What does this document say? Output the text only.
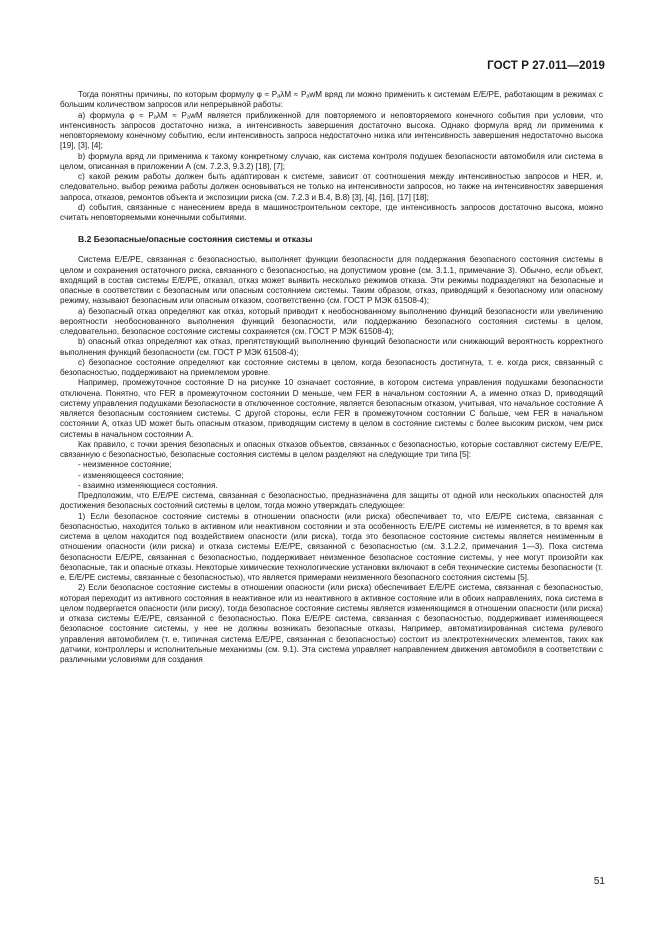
ГОСТ Р 27.011—2019

Тогда понятны причины, по которым формулу φ ≈ PₐλM ≈ PₐwM вряд ли можно применить к системам Е/Е/РЕ, работающим в режимах с большим количеством запросов или непрерывной работы:

а) формула φ ≈ PₐλM ≈ PₐwM является приближенной для повторяемого и неповторяемого конечного события при условии, что интенсивность запросов достаточно низка, а интенсивность завершения достаточно высока. Однако формула вряд ли применима к неповторяемому конечному событию, если интенсивность запроса недостаточно низка или интенсивность завершения недостаточно высока [19], [3], [4];

b) формула вряд ли применима к такому конкретному случаю, как система контроля подушек безопасности автомобиля или система в целом, описанная в приложении А (см. 7.2.3, 9.3.2) [18], [7];

с) какой режим работы должен быть адаптирован к системе, зависит от соотношения между интенсивностью запросов и HER, и, следовательно, выбор режима работы должен основываться не только на интенсивности запросов, но также на интенсивностях завершения запроса, отказов, ремонтов объекта и экспозиции риска (см. 7.2.3 и В.4, В.8) [3], [4], [16], [17] [18];

d) события, связанные с нанесением вреда в машиностроительном секторе, где интенсивность запросов достаточно высока, можно считать неповторяемыми конечными событиями.

В.2 Безопасные/опасные состояния системы и отказы

Система Е/Е/РЕ, связанная с безопасностью, выполняет функции безопасности для поддержания безопасного состояния системы в целом и сохранения остаточного риска, связанного с безопасностью, на допустимом уровне (см. 3.1.1, примечание 3). Обычно, если объект, входящий в состав системы Е/Е/РЕ, отказал, отказ может выявить несколько режимов отказа. Эти режимы подразделяют на безопасные и опасные в соответствии с безопасным или опасным состоянием системы. Таким образом, отказ, приводящий к безопасному или опасному режиму, называют безопасным или опасным отказом, соответственно (см. ГОСТ Р МЭК 61508-4);

а) безопасный отказ определяют как отказ, который приводит к необоснованному выполнению функций безопасности или увеличению вероятности необоснованного выполнения функций безопасности, или поддержанию безопасного состояния системы в целом, следовательно, безопасное состояние системы сохраняется (см. ГОСТ Р МЭК 61508-4);

b) опасный отказ определяют как отказ, препятствующий выполнению функций безопасности или снижающий вероятность корректного выполнения функций безопасности (см. ГОСТ Р МЭК 61508-4);

с) безопасное состояние определяют как состояние системы в целом, когда безопасность достигнута, т. е. когда риск, связанный с безопасностью, поддерживают на приемлемом уровне.

Например, промежуточное состояние D на рисунке 10 означает состояние, в котором система управления подушками безопасности отключена. Понятно, что FER в промежуточном состоянии D меньше, чем FER в начальном состоянии А, а именно отказ D, приводящий систему управления подушками безопасности в отключенное состояние, является безопасным отказом, учитывая, что начальное состояние А является безопасным состоянием системы. С другой стороны, если FER в промежуточном состоянии С больше, чем FER в начальном состоянии А, отказ UD может быть опасным отказом, приводящим систему в целом в состояние системы с более высоким риском, чем риск системы в начальном состоянии А.

Как правило, с точки зрения безопасных и опасных отказов объектов, связанных с безопасностью, которые составляют систему Е/Е/РЕ, связанную с безопасностью, безопасные состояния системы в целом разделяют на следующие три типа [5]:

- неизменное состояние;

- изменяющееся состояние;

- взаимно изменяющиеся состояния.

Предположим, что Е/Е/РЕ система, связанная с безопасностью, предназначена для защиты от одной или нескольких опасностей для достижения безопасных состояний системы в целом, тогда можно утверждать следующее:

1) Если безопасное состояние системы в отношении опасности (или риска) обеспечивает то, что Е/Е/РЕ система, связанная с безопасностью, находится только в активном или неактивном состоянии и эта особенность Е/Е/РЕ системы не изменяется, в то время как система в целом находится под воздействием опасности (или риска), тогда это безопасное состояние системы является неизменным в отношении опасности (или риска) и отказа системы Е/Е/РЕ, связанной с безопасностью (см. 3.1.2.2, примечания 1—3). Пока система безопасности Е/Е/РЕ, связанная с безопасностью, поддерживает неизменное безопасное состояние системы, у нее могут произойти как безопасные, так и опасные отказы. Некоторые химические технологические установки включают в себя технические системы безопасности (т. е. Е/Е/РЕ системы, связанные с безопасностью), что является примерами неизменного безопасного состояния системы [5].

2) Если безопасное состояние системы в отношении опасности (или риска) обеспечивает Е/Е/РЕ система, связанная с безопасностью, которая переходит из активного состояния в неактивное или из неактивного в активное состояние или в обоих направлениях, пока система в целом подвергается опасности (или риску), тогда безопасное состояние системы является изменяющимся в отношении опасности (или риска) и отказа системы Е/Е/РЕ, связанной с безопасностью. Пока Е/Е/РЕ система, связанная с безопасностью, поддерживает изменяющееся безопасное состояние системы, у нее не должны возникать безопасные отказы. Например, автоматизированная система рулевого управления автомобилем (т. е. типичная система Е/Е/РЕ, связанная с безопасностью) состоит из электротехнических элементов, таких как датчики, контроллеры и исполнительные механизмы (см. 9.1). Эта система управляет направлением движения автомобиля в соответствии с различными условиями для создания

51
